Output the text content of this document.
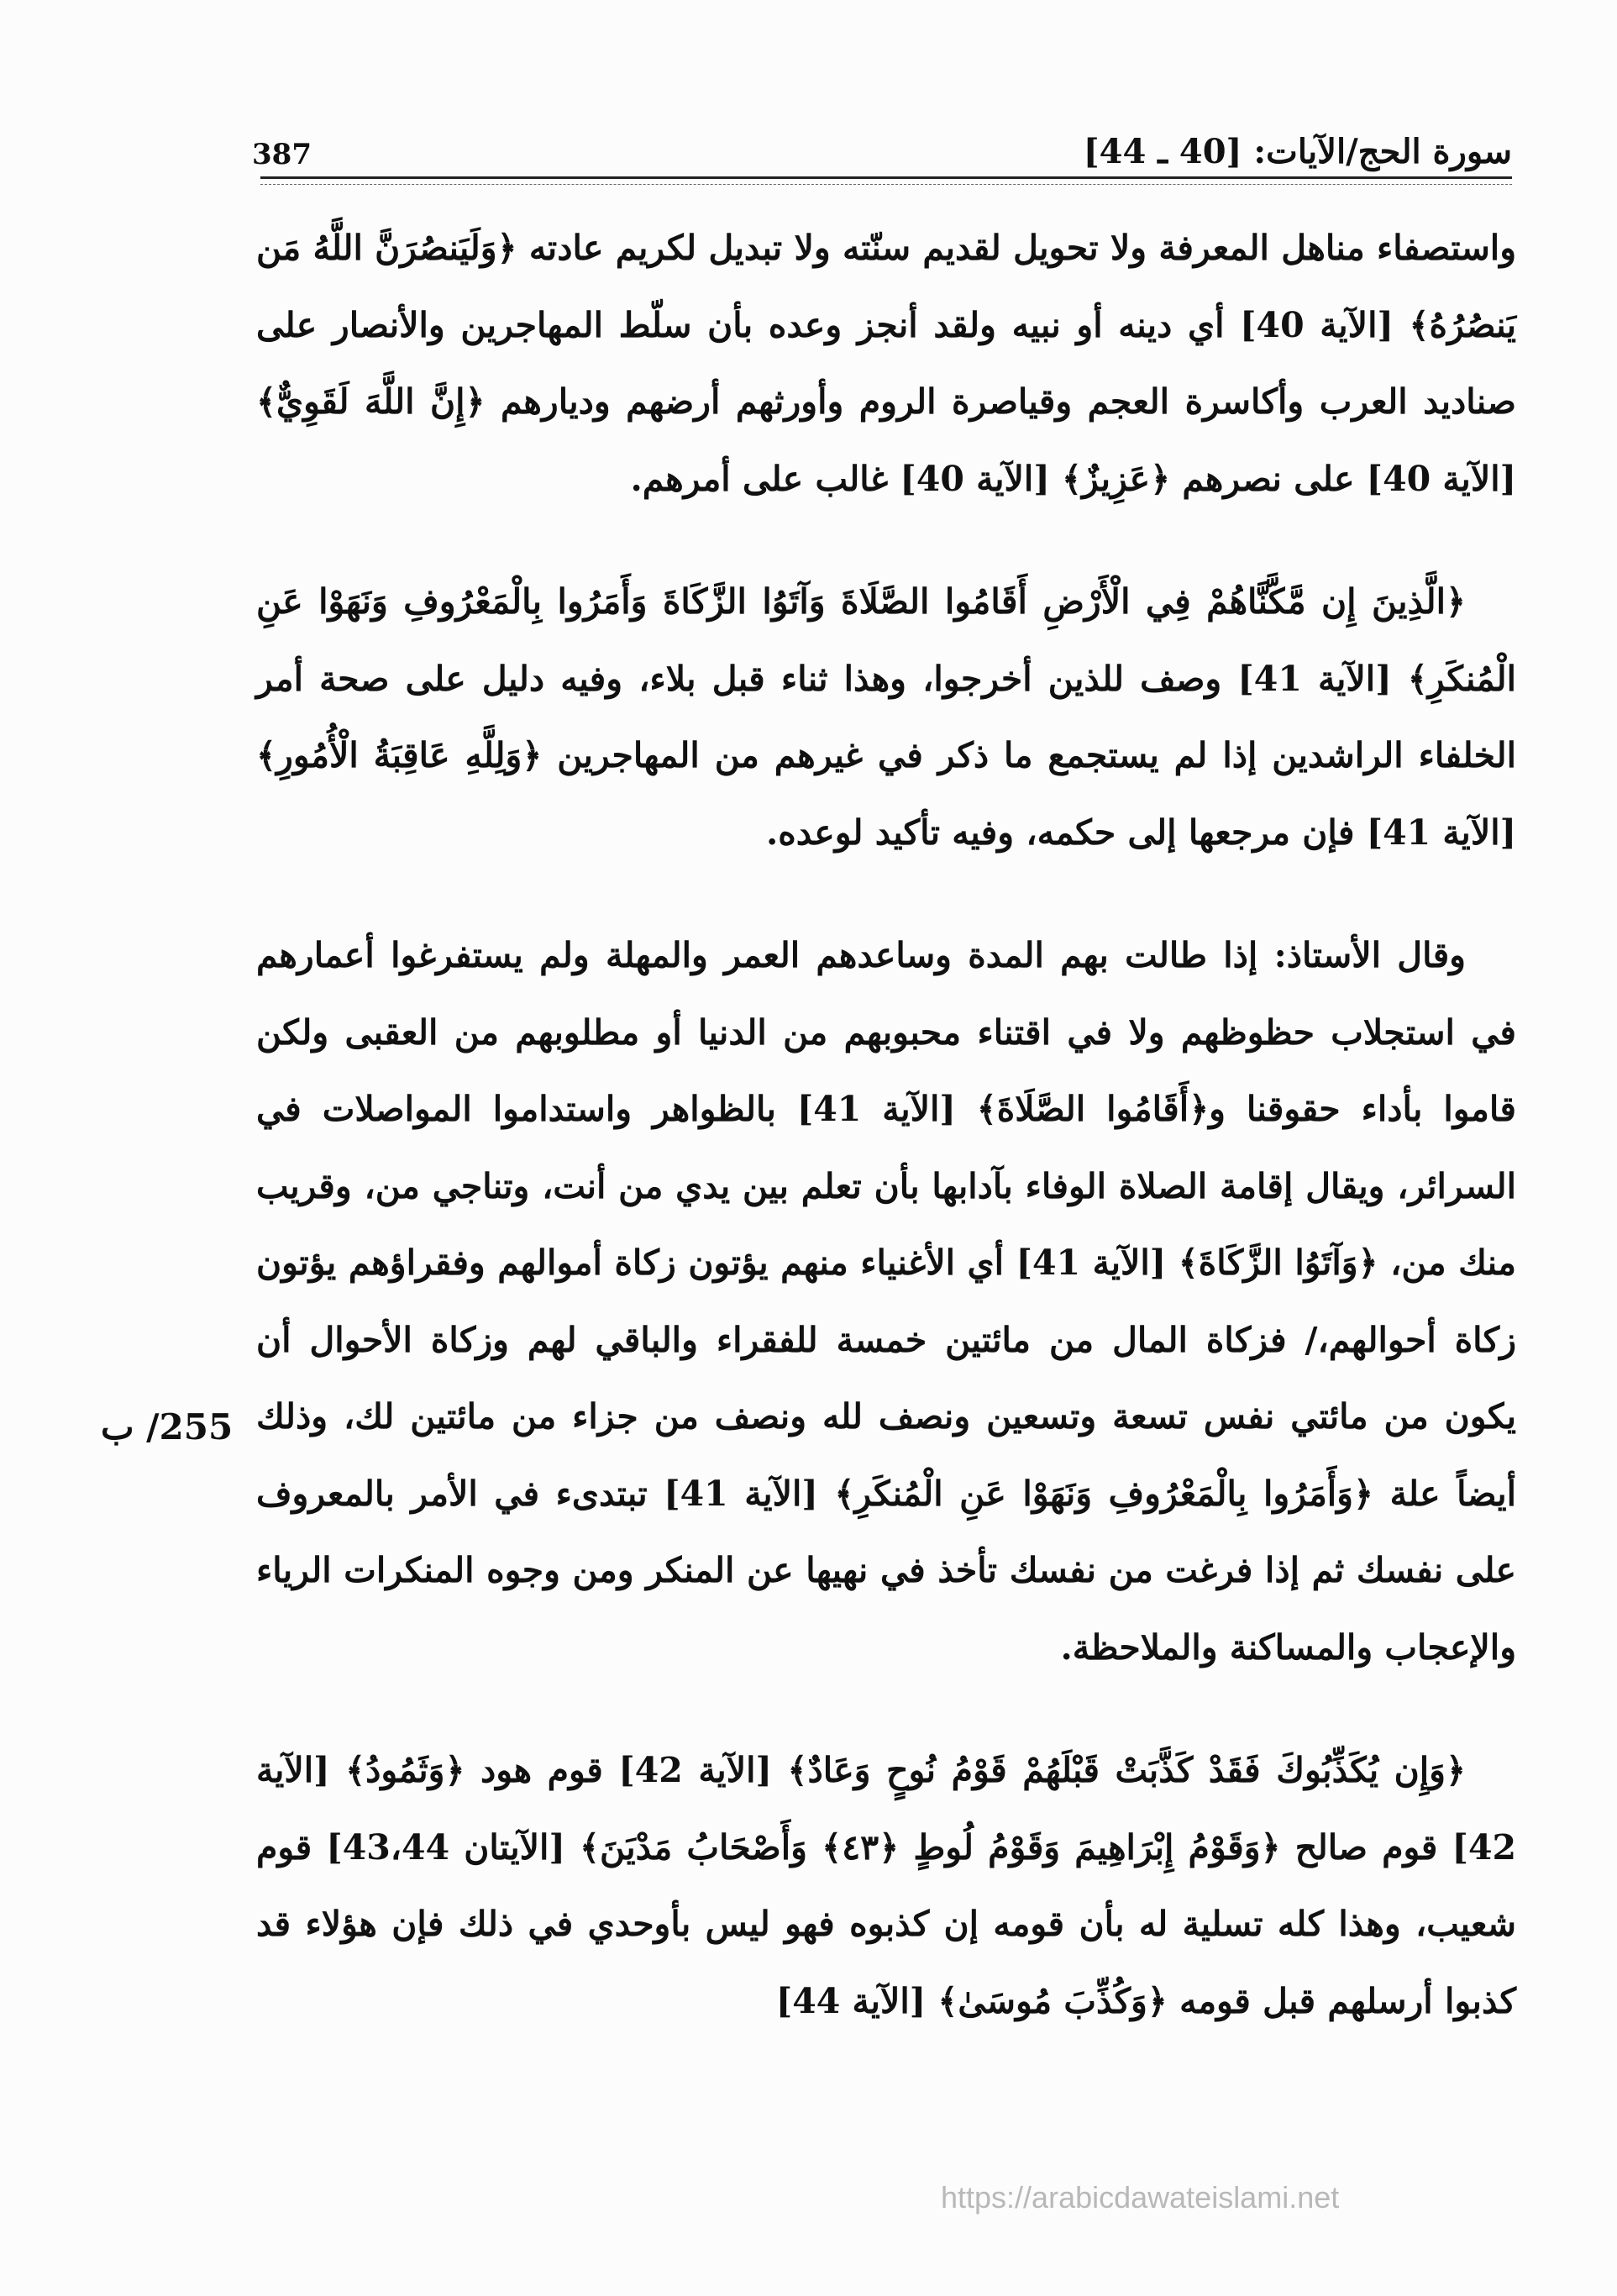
387	سورة الحج/الآيات: [40 ـ 44]

واستصفاء مناهل المعرفة ولا تحويل لقديم سنّته ولا تبديل لكريم عادته ﴿وَلَيَنصُرَنَّ اللَّهُ مَن يَنصُرُهُ﴾ [الآية 40] أي دينه أو نبيه ولقد أنجز وعده بأن سلّط المهاجرين والأنصار على صناديد العرب وأكاسرة العجم وقياصرة الروم وأورثهم أرضهم وديارهم ﴿إِنَّ اللَّهَ لَقَوِيٌّ﴾ [الآية 40] على نصرهم ﴿عَزِيزٌ﴾ [الآية 40] غالب على أمرهم.

﴿الَّذِينَ إِن مَّكَّنَّاهُمْ فِي الْأَرْضِ أَقَامُوا الصَّلَاةَ وَآتَوُا الزَّكَاةَ وَأَمَرُوا بِالْمَعْرُوفِ وَنَهَوْا عَنِ الْمُنكَرِ﴾ [الآية 41] وصف للذين أخرجوا، وهذا ثناء قبل بلاء، وفيه دليل على صحة أمر الخلفاء الراشدين إذا لم يستجمع ما ذكر في غيرهم من المهاجرين ﴿وَلِلَّهِ عَاقِبَةُ الْأُمُورِ﴾ [الآية 41] فإن مرجعها إلى حكمه، وفيه تأكيد لوعده.

وقال الأستاذ: إذا طالت بهم المدة وساعدهم العمر والمهلة ولم يستفرغوا أعمارهم في استجلاب حظوظهم ولا في اقتناء محبوبهم من الدنيا أو مطلوبهم من العقبى ولكن قاموا بأداء حقوقنا و﴿أَقَامُوا الصَّلَاةَ﴾ [الآية 41] بالظواهر واستداموا المواصلات في السرائر، ويقال إقامة الصلاة الوفاء بآدابها بأن تعلم بين يدي من أنت، وتناجي من، وقريب منك من، ﴿وَآتَوُا الزَّكَاةَ﴾ [الآية 41] أي الأغنياء منهم يؤتون زكاة أموالهم وفقراؤهم يؤتون زكاة أحوالهم،/ فزكاة المال من مائتين خمسة للفقراء والباقي لهم وزكاة الأحوال أن يكون من مائتي نفس تسعة وتسعين ونصف لله ونصف من جزاء من مائتين لك، وذلك أيضاً علة ﴿وَأَمَرُوا بِالْمَعْرُوفِ وَنَهَوْا عَنِ الْمُنكَرِ﴾ [الآية 41] تبتدىء في الأمر بالمعروف على نفسك ثم إذا فرغت من نفسك تأخذ في نهيها عن المنكر ومن وجوه المنكرات الرياء والإعجاب والمساكنة والملاحظة.

﴿وَإِن يُكَذِّبُوكَ فَقَدْ كَذَّبَتْ قَبْلَهُمْ قَوْمُ نُوحٍ وَعَادٌ﴾ [الآية 42] قوم هود ﴿وَثَمُودُ﴾ [الآية 42] قوم صالح ﴿وَقَوْمُ إِبْرَاهِيمَ وَقَوْمُ لُوطٍ ﴿٤٣﴾ وَأَصْحَابُ مَدْيَنَ﴾ [الآيتان 43،44] قوم شعيب، وهذا كله تسلية له بأن قومه إن كذبوه فهو ليس بأوحدي في ذلك فإن هؤلاء قد كذبوا أرسلهم قبل قومه ﴿وَكُذِّبَ مُوسَىٰ﴾ [الآية 44]

255/ ب
https://arabicdawateislami.net
